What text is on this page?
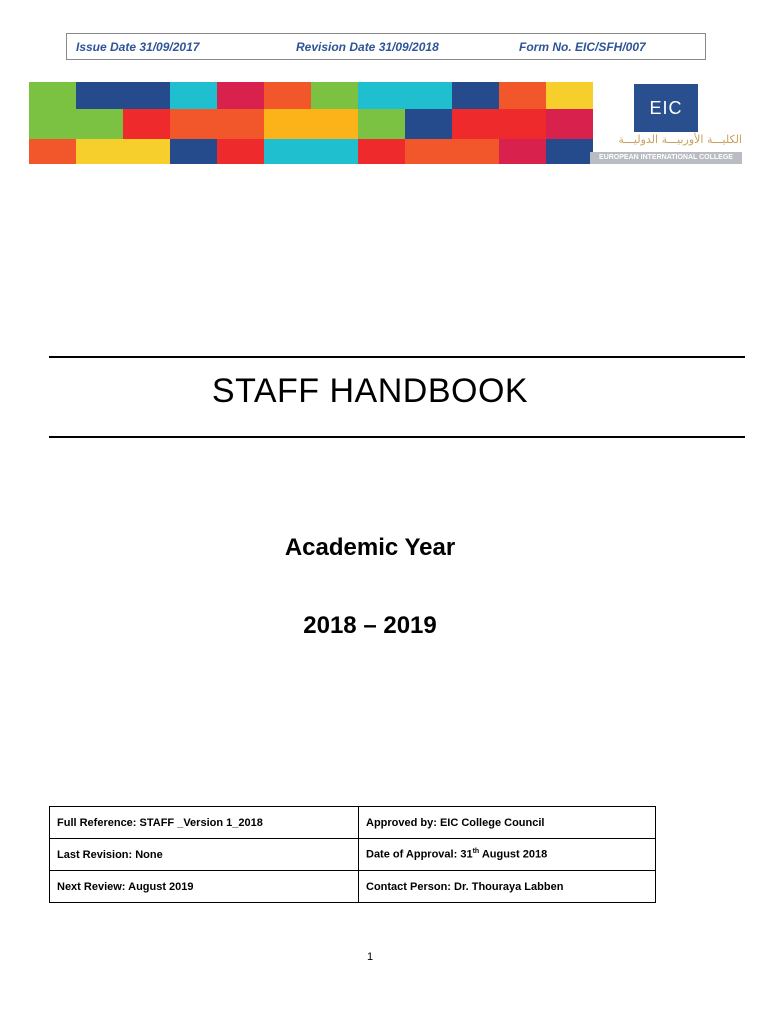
Issue Date 31/09/2017	Revision Date 31/09/2018	Form No. EIC/SFH/007
EIC
الكليـــة الأوربيـــة الدوليـــة
EUROPEAN INTERNATIONAL COLLEGE
STAFF HANDBOOK
Academic Year
2018 – 2019
Full Reference: STAFF _Version 1_2018	Approved by: EIC College Council
Last Revision: None	Date of Approval: 31th August 2018
Next Review: August 2019	Contact Person: Dr. Thouraya Labben
1
